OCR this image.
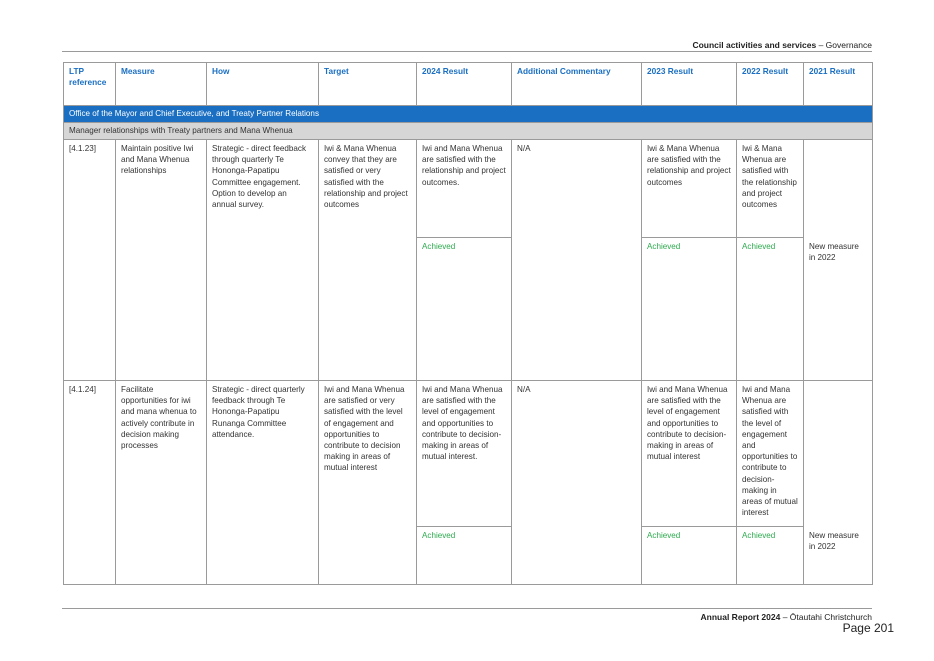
Council activities and services – Governance
LTP reference	Measure	How	Target	2024 Result	Additional Commentary	2023 Result	2022 Result	2021 Result
Office of the Mayor and Chief Executive, and Treaty Partner Relations								
Manager relationships with Treaty partners and Mana Whenua								
[4.1.23]	Maintain positive Iwi and Mana Whenua relationships	Strategic - direct feedback through quarterly Te Hononga-Papatipu Committee engagement. Option to develop an annual survey.	Iwi & Mana Whenua convey that they are satisfied or very satisfied with the relationship and project outcomes	Iwi and Mana Whenua are satisfied with the relationship and project outcomes.	N/A	Iwi & Mana Whenua are satisfied with the relationship and project outcomes	Iwi & Mana Whenua are satisfied with the relationship and project outcomes	
				Achieved		Achieved	Achieved	New measure in 2022
[4.1.24]	Facilitate opportunities for iwi and mana whenua to actively contribute in decision making processes	Strategic - direct quarterly feedback through Te Hononga-Papatipu Runanga Committee attendance.	Iwi and Mana Whenua are satisfied or very satisfied with the level of engagement and opportunities to contribute to decision making in areas of mutual interest	Iwi and Mana Whenua are satisfied with the level of engagement and opportunities to contribute to decision-making in areas of mutual interest.	N/A	Iwi and Mana Whenua are satisfied with the level of engagement and opportunities to contribute to decision-making in areas of mutual interest	Iwi and Mana Whenua are satisfied with the level of engagement and opportunities to contribute to decision-making in areas of mutual interest	
				Achieved		Achieved	Achieved	New measure in 2022
Annual Report 2024 – Ōtautahi Christchurch
Page 201
